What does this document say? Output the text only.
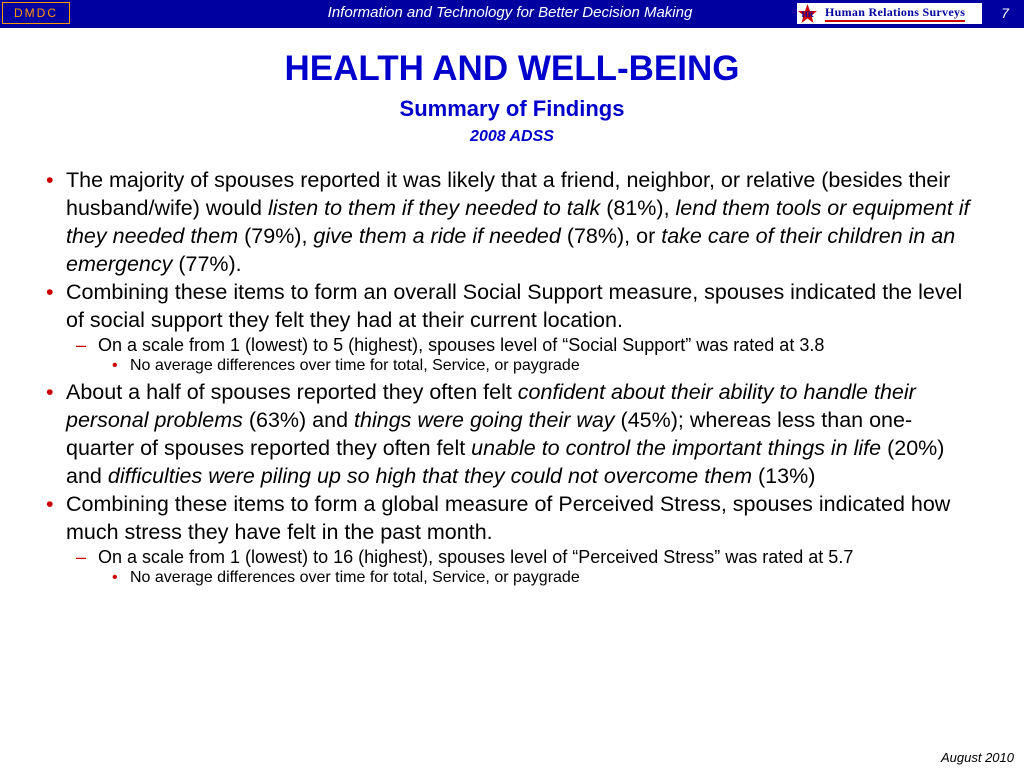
DMDC	Information and Technology for Better Decision Making	HR Human Relations Surveys	7
HEALTH AND WELL-BEING
Summary of Findings
2008 ADSS
• The majority of spouses reported it was likely that a friend, neighbor, or relative (besides their husband/wife) would listen to them if they needed to talk (81%), lend them tools or equipment if they needed them (79%), give them a ride if needed (78%), or take care of their children in an emergency (77%).
• Combining these items to form an overall Social Support measure, spouses indicated the level of social support they felt they had at their current location.
– On a scale from 1 (lowest) to 5 (highest), spouses level of “Social Support” was rated at 3.8
• No average differences over time for total, Service, or paygrade
• About a half of spouses reported they often felt confident about their ability to handle their personal problems (63%) and things were going their way (45%); whereas less than one-quarter of spouses reported they often felt unable to control the important things in life (20%) and difficulties were piling up so high that they could not overcome them (13%)
• Combining these items to form a global measure of Perceived Stress, spouses indicated how much stress they have felt in the past month.
– On a scale from 1 (lowest) to 16 (highest), spouses level of “Perceived Stress” was rated at 5.7
• No average differences over time for total, Service, or paygrade
August 2010
